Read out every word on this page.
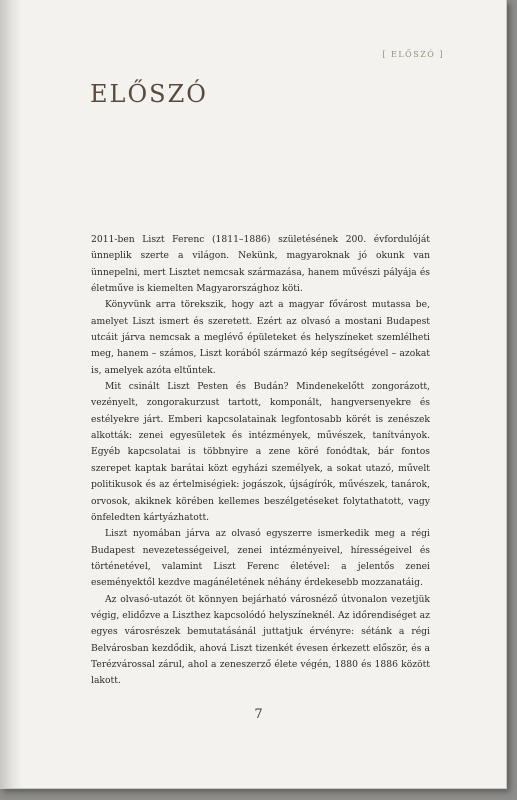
[ ELŐSZÓ ]
ELŐSZÓ

2011-ben Liszt Ferenc (1811–1886) születésének 200. évfordulóját ünneplik szerte a világon. Nekünk, magyaroknak jó okunk van ünnepelni, mert Lisztet nemcsak származása, hanem művészi pályája és életműve is kiemelten Magyarországhoz köti.

Könyvünk arra törekszik, hogy azt a magyar fővárost mutassa be, amelyet Liszt ismert és szeretett. Ezért az olvasó a mostani Budapest utcáit járva nemcsak a meglévő épületeket és helyszíneket szemlélheti meg, hanem – számos, Liszt korából származó kép segítségével – azokat is, amelyek azóta eltűntek.

Mit csinált Liszt Pesten és Budán? Mindenekelőtt zongorázott, vezényelt, zongorakurzust tartott, komponált, hangversenyekre és estélyekre járt. Emberi kapcsolatainak legfontosabb körét is zenészek alkották: zenei egyesületek és intézmények, művészek, tanítványok. Egyéb kapcsolatai is többnyire a zene köré fonódtak, bár fontos szerepet kaptak barátai közt egyházi személyek, a sokat utazó, művelt politikusok és az értelmiségiek: jogászok, újságírók, művészek, tanárok, orvosok, akiknek körében kellemes beszélgetéseket folytathatott, vagy önfeledten kártyázhatott.

Liszt nyomában járva az olvasó egyszerre ismerkedik meg a régi Budapest nevezetességeivel, zenei intézményeivel, hírességeivel és történetével, valamint Liszt Ferenc életével: a jelentős zenei eseményektől kezdve magánéletének néhány érdekesebb mozzanatáig.

Az olvasó-utazót öt könnyen bejárható városnéző útvonalon vezetjük végig, elidőzve a Liszthez kapcsolódó helyszíneknél. Az időrendiséget az egyes városrészek bemutatásánál juttatjuk érvényre: sétánk a régi Belvárosban kezdődik, ahová Liszt tizenkét évesen érkezett először, és a Terézvárossal zárul, ahol a zeneszerző élete végén, 1880 és 1886 között lakott.

7
